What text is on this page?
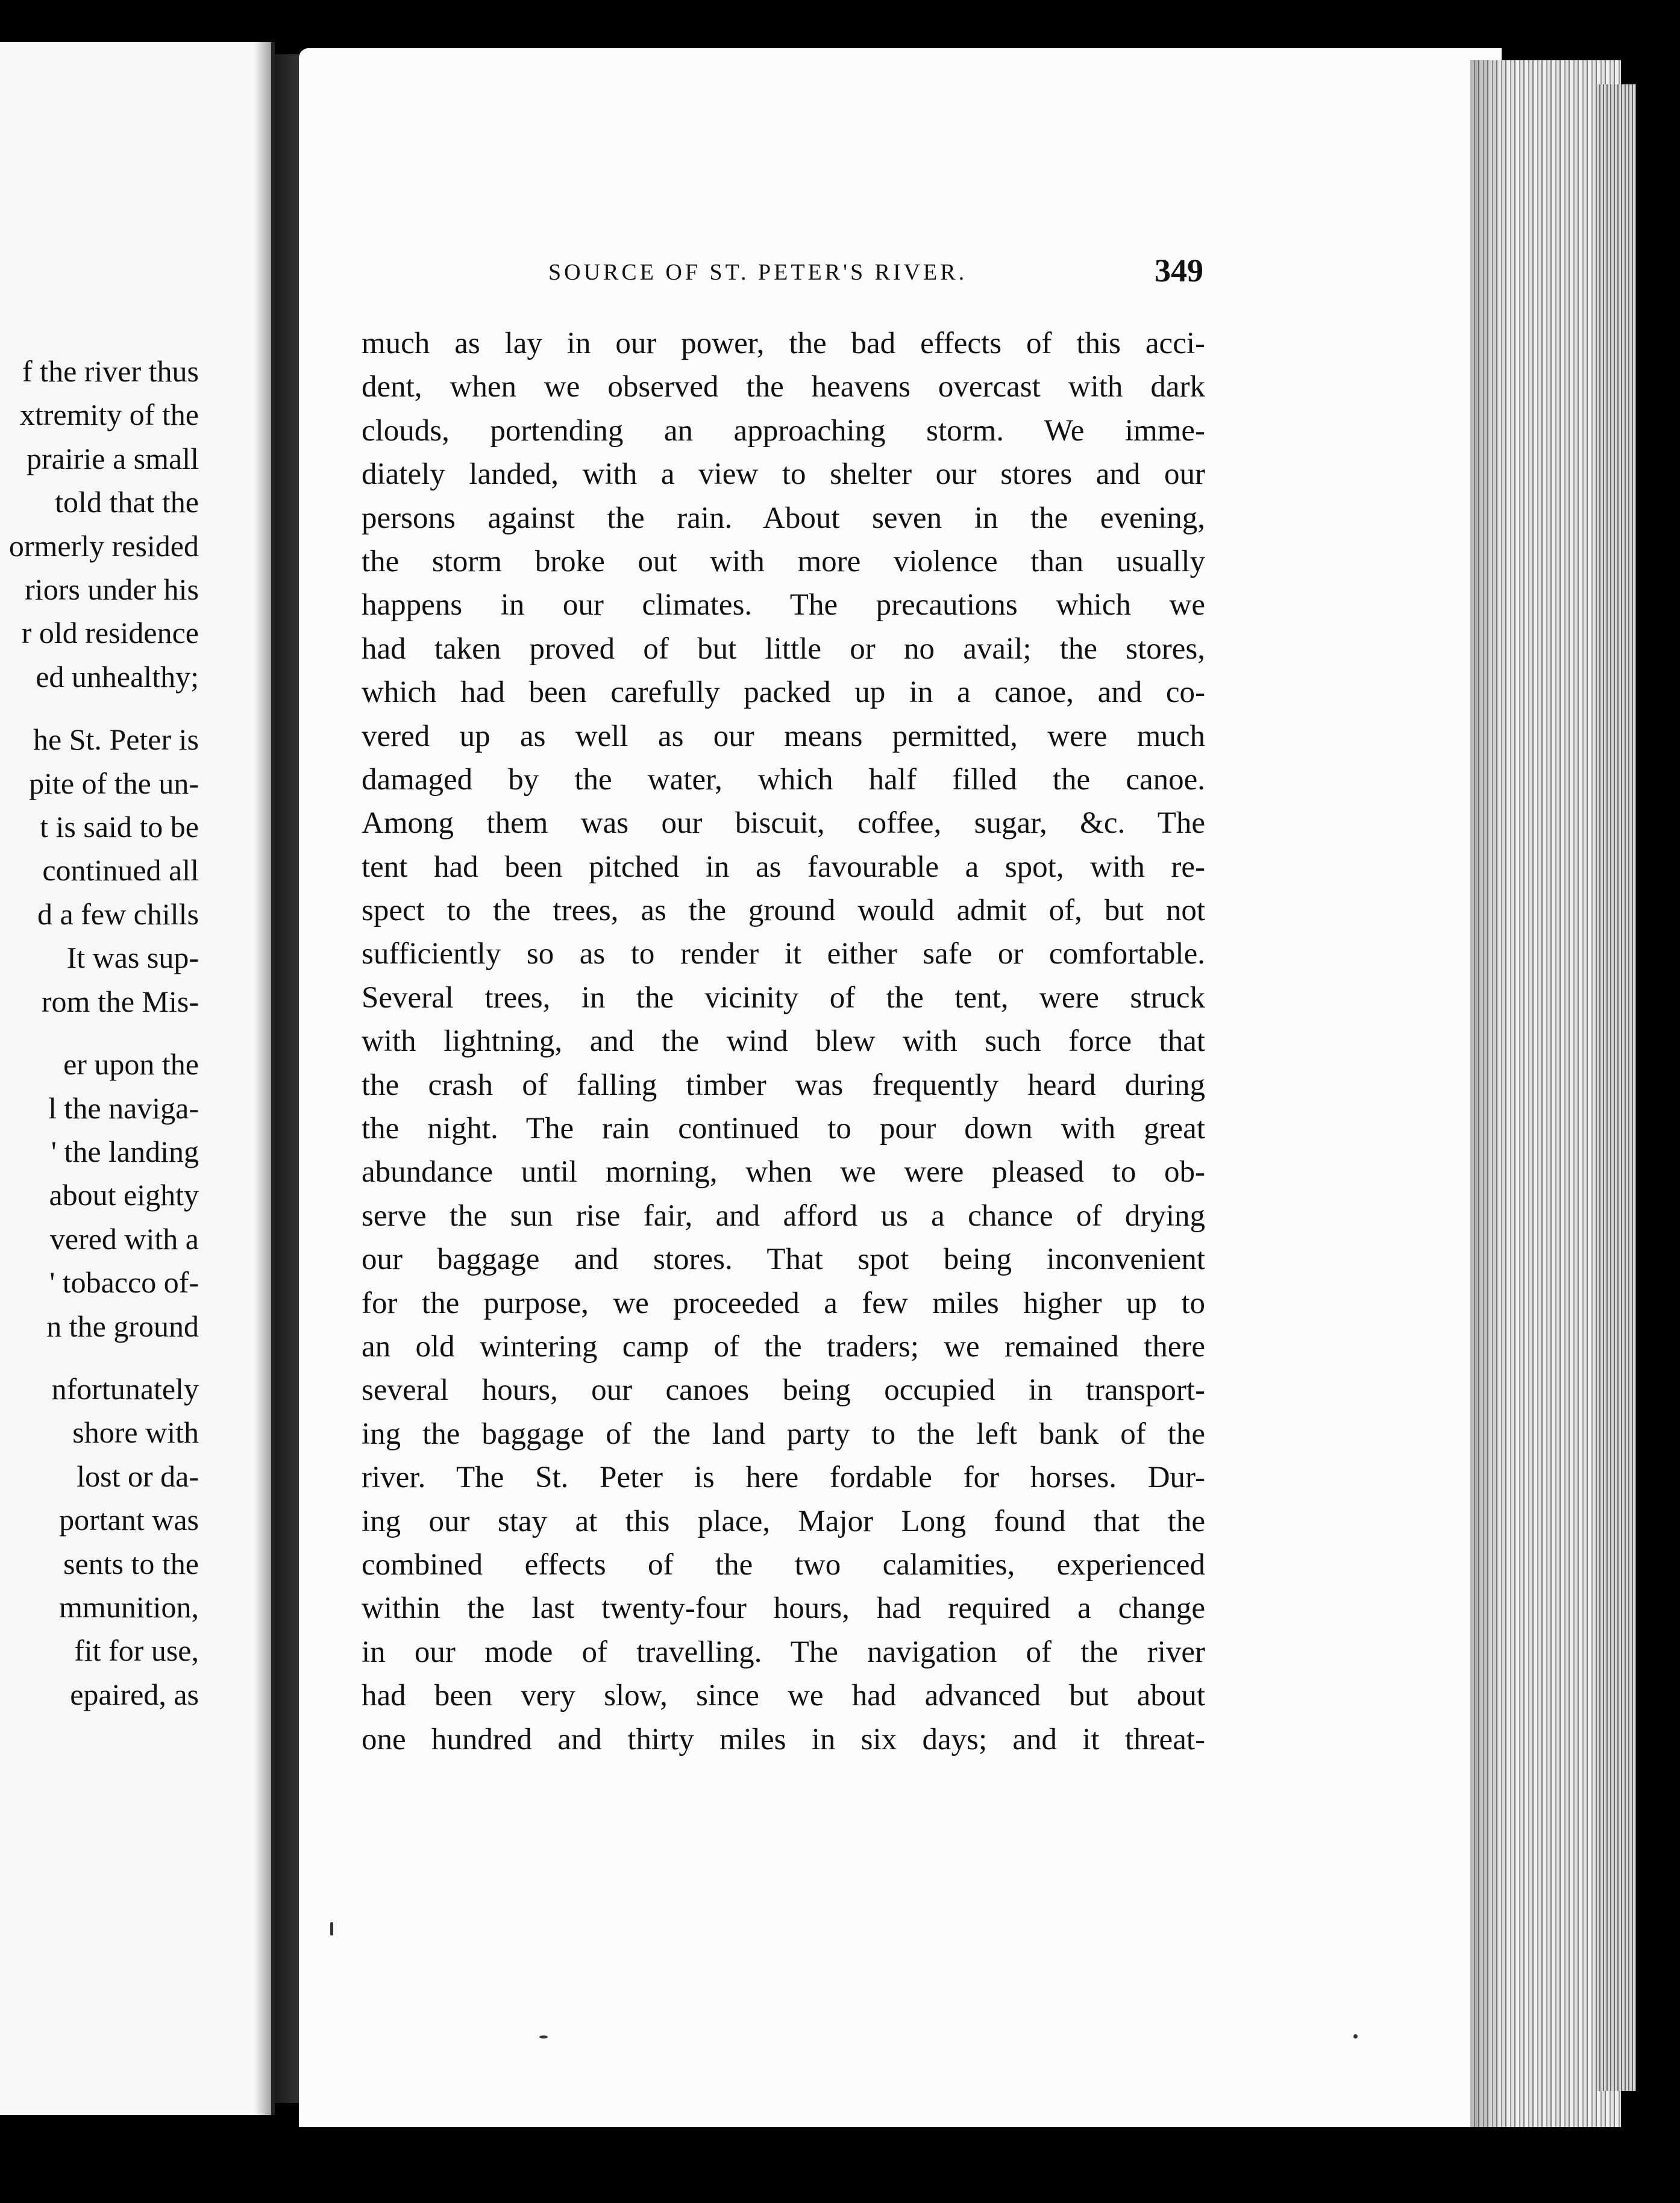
f the river thus
xtremity of the
prairie a small
told that the
ormerly resided
riors under his
r old residence
ed unhealthy;
he St. Peter is
pite of the un-
t is said to be
continued all
d a few chills
It was sup-
rom the Mis-
er upon the
l the naviga-
' the landing
about eighty
vered with a
' tobacco of-
n the ground
nfortunately
shore with
lost or da-
portant was
sents to the
mmunition,
fit for use,
epaired, as
SOURCE OF ST. PETER'S RIVER.	349
much as lay in our power, the bad effects of this acci-
dent, when we observed the heavens overcast with dark
clouds, portending an approaching storm. We imme-
diately landed, with a view to shelter our stores and our
persons against the rain. About seven in the evening,
the storm broke out with more violence than usually
happens in our climates. The precautions which we
had taken proved of but little or no avail; the stores,
which had been carefully packed up in a canoe, and co-
vered up as well as our means permitted, were much
damaged by the water, which half filled the canoe.
Among them was our biscuit, coffee, sugar, &c. The
tent had been pitched in as favourable a spot, with re-
spect to the trees, as the ground would admit of, but not
sufficiently so as to render it either safe or comfortable.
Several trees, in the vicinity of the tent, were struck
with lightning, and the wind blew with such force that
the crash of falling timber was frequently heard during
the night. The rain continued to pour down with great
abundance until morning, when we were pleased to ob-
serve the sun rise fair, and afford us a chance of drying
our baggage and stores. That spot being inconvenient
for the purpose, we proceeded a few miles higher up to
an old wintering camp of the traders; we remained there
several hours, our canoes being occupied in transport-
ing the baggage of the land party to the left bank of the
river. The St. Peter is here fordable for horses. Dur-
ing our stay at this place, Major Long found that the
combined effects of the two calamities, experienced
within the last twenty-four hours, had required a change
in our mode of travelling. The navigation of the river
had been very slow, since we had advanced but about
one hundred and thirty miles in six days; and it threat-
